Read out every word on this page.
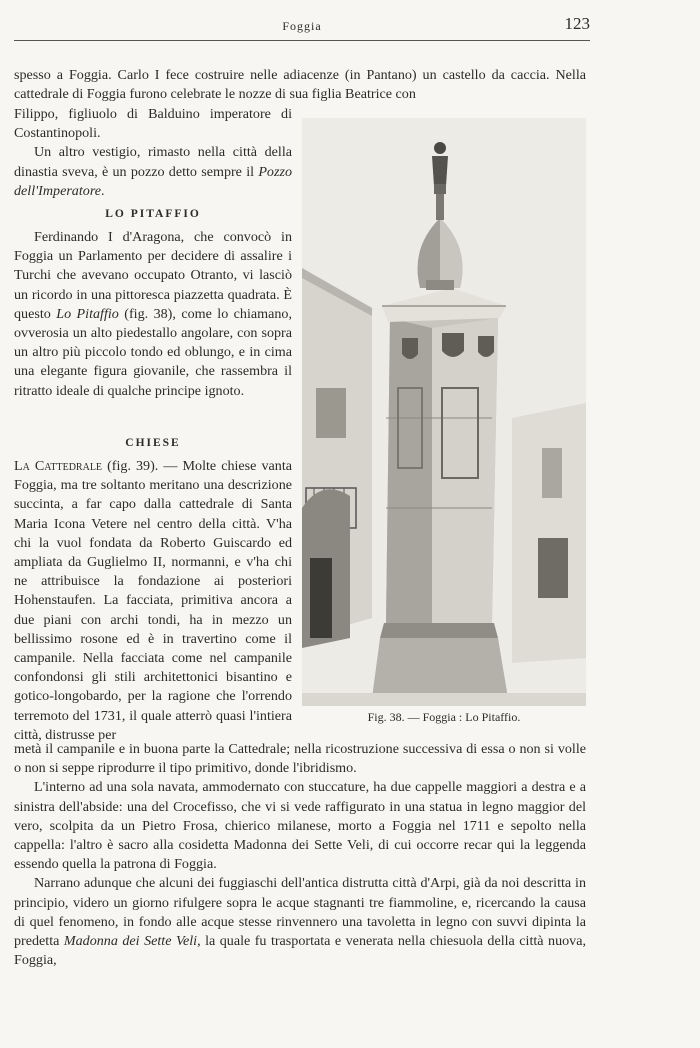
Foggia	123

spesso a Foggia. Carlo I fece costruire nelle adiacenze (in Pantano) un castello da caccia. Nella cattedrale di Foggia furono celebrate le nozze di sua figlia Beatrice con

Filippo, figliuolo di Balduino imperatore di Costantinopoli.

Un altro vestigio, rimasto nella città della dinastia sveva, è un pozzo detto sempre il Pozzo dell'Imperatore.

LO PITAFFIO

Ferdinando I d'Aragona, che convocò in Foggia un Parlamento per decidere di assalire i Turchi che avevano occupato Otranto, vi lasciò un ricordo in una pittoresca piazzetta quadrata. È questo Lo Pitaffio (fig. 38), come lo chiamano, ovverosia un alto piedestallo angolare, con sopra un altro più piccolo tondo ed oblungo, e in cima una elegante figura giovanile, che rassembra il ritratto ideale di qualche principe ignoto.

CHIESE

La Cattedrale (fig. 39). — Molte chiese vanta Foggia, ma tre soltanto meritano una descrizione succinta, a far capo dalla cattedrale di Santa Maria Icona Vetere nel centro della città. V'ha chi la vuol fondata da Roberto Guiscardo ed ampliata da Guglielmo II, normanni, e v'ha chi ne attribuisce la fondazione ai posteriori Hohenstaufen. La facciata, primitiva ancora a due piani con archi tondi, ha in mezzo un bellissimo rosone ed è in travertino come il campanile. Nella facciata come nel campanile confondonsi gli stili architettonici bisantino e gotico-longobardo, per la ragione che l'orrendo terremoto del 1731, il quale atterrò quasi l'intiera città, distrusse per

metà il campanile e in buona parte la Cattedrale; nella ricostruzione successiva di essa o non si volle o non si seppe riprodurre il tipo primitivo, donde l'ibridismo.

L'interno ad una sola navata, ammodernato con stuccature, ha due cappelle maggiori a destra e a sinistra dell'abside: una del Crocefisso, che vi si vede raffigurato in una statua in legno maggior del vero, scolpita da un Pietro Frosa, chierico milanese, morto a Foggia nel 1711 e sepolto nella cappella: l'altro è sacro alla cosidetta Madonna dei Sette Veli, di cui occorre recar qui la leggenda essendo quella la patrona di Foggia.

Narrano adunque che alcuni dei fuggiaschi dell'antica distrutta città d'Arpi, già da noi descritta in principio, videro un giorno rifulgere sopra le acque stagnanti tre fiammoline, e, ricercando la causa di quel fenomeno, in fondo alle acque stesse rinvennero una tavoletta in legno con suvvi dipinta la predetta Madonna dei Sette Veli, la quale fu trasportata e venerata nella chiesuola della città nuova, Foggia,

Fig. 38. — Foggia : Lo Pitaffio.
